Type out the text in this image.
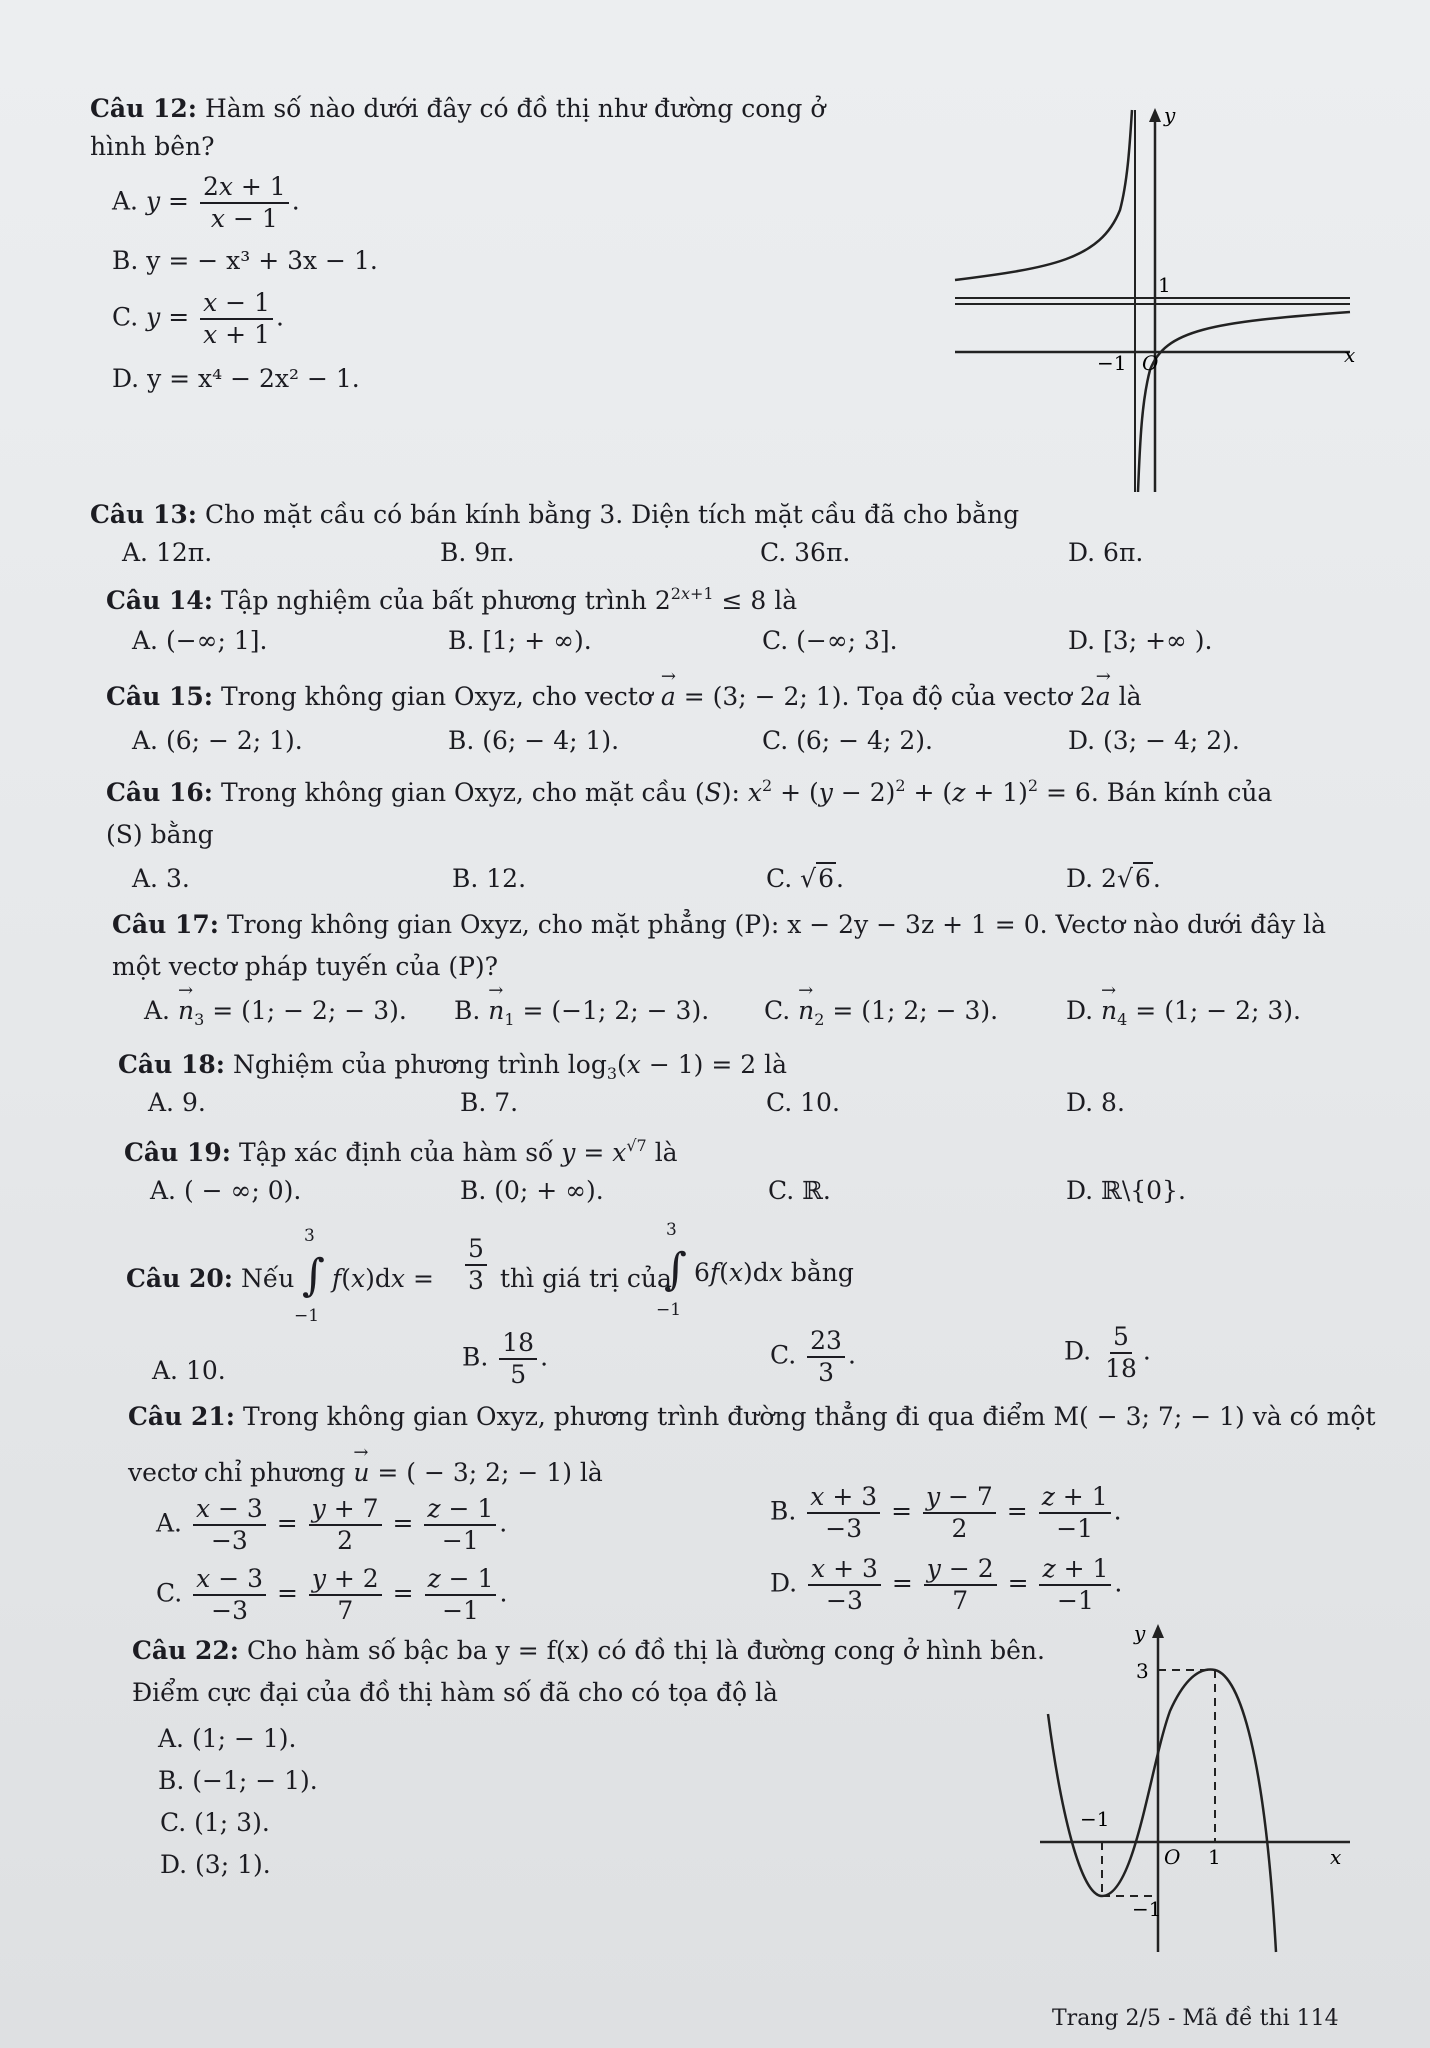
Câu 12: Hàm số nào dưới đây có đồ thị như đường cong ở
hình bên?
A. $y = \frac{2x + 1}{x - 1}$ .
B. y = − x³ + 3x − 1.
C. $y = \frac{x - 1}{x + 1}$ .
D. y = x⁴ − 2x² − 1.
y
x
1
−1 O
Câu 13: Cho mặt cầu có bán kính bằng 3. Diện tích mặt cầu đã cho bằng
A. 12π.	B. 9π.	C. 36π.	D. 6π.
Câu 14: Tập nghiệm của bất phương trình $2^{2x+1} \le 8$ là
A. (−∞; 1].	B. [1; + ∞).	C. (−∞; 3].	D. [3; +∞ ).
Câu 15: Trong không gian Oxyz, cho vectơ → a = (3; − 2; 1). Tọa độ của vectơ 2→ a là
A. (6; − 2; 1).	B. (6; − 4; 1).	C. (6; − 4; 2).	D. (3; − 4; 2).
Câu 16: Trong không gian Oxyz, cho mặt cầu (S): $x^2 + (y - 2)^2 + (z + 1)^2 = 6$. Bán kính của
(S) bằng
A. 3.	B. 12.	C. √6.	D. 2√6.
Câu 17: Trong không gian Oxyz, cho mặt phẳng (P): x − 2y − 3z + 1 = 0. Vectơ nào dưới đây là
một vectơ pháp tuyến của (P)?
A. → $n_3 = (1$; − 2; − 3). B. → $n_1 = (-1$; 2; − 3). C. → $n_2 = (1$; 2; − 3).	D. → $n_4 = (1$; − 2; 3).
Câu 18: Nghiệm của phương trình $\log_3(x - 1) = 2$ là
A. 9.	B. 7.	C. 10.	D. 8.
Câu 19: Tập xác định của hàm số $y = x^{√7}$ là
A. ( − ∞; 0).	B. (0; + ∞).	C. ℝ.	D. ℝ\{0}.
Câu 20: Nếu ∫
3
−1
$f(x)dx = \frac{5}{3}$ thì giá trị của
∫
3
−1
6f(x)dx bằng
A. 10.	B. $\frac{18}{5}$ .	C. $\frac{23}{3}$ .	D. $\frac{5}{18}$ .
Câu 21: Trong không gian Oxyz, phương trình đường thẳng đi qua điểm M( − 3; 7; − 1) và có một
vectơ chỉ phương → u = ( − 3; 2; − 1) là
A. $\frac{x - 3}{-3} = \frac{y + 7}{2} = \frac{z - 1}{-1}$ .	B. $\frac{x + 3}{-3} = \frac{y - 7}{2} = \frac{z + 1}{-1}$ .
C. $\frac{x - 3}{-3} = \frac{y + 2}{7} = \frac{z - 1}{-1}$ .	D. $\frac{x + 3}{-3} = \frac{y - 2}{7} = \frac{z + 1}{-1}$ .
Câu 22: Cho hàm số bậc ba y = f(x) có đồ thị là đường cong ở hình bên.
Điểm cực đại của đồ thị hàm số đã cho có tọa độ là
A. (1; − 1).
B. (−1; − 1).
C. (1; 3).
D. (3; 1).
y
x
3
−1
O 1
−1
Trang 2/5 - Mã đề thi 114
